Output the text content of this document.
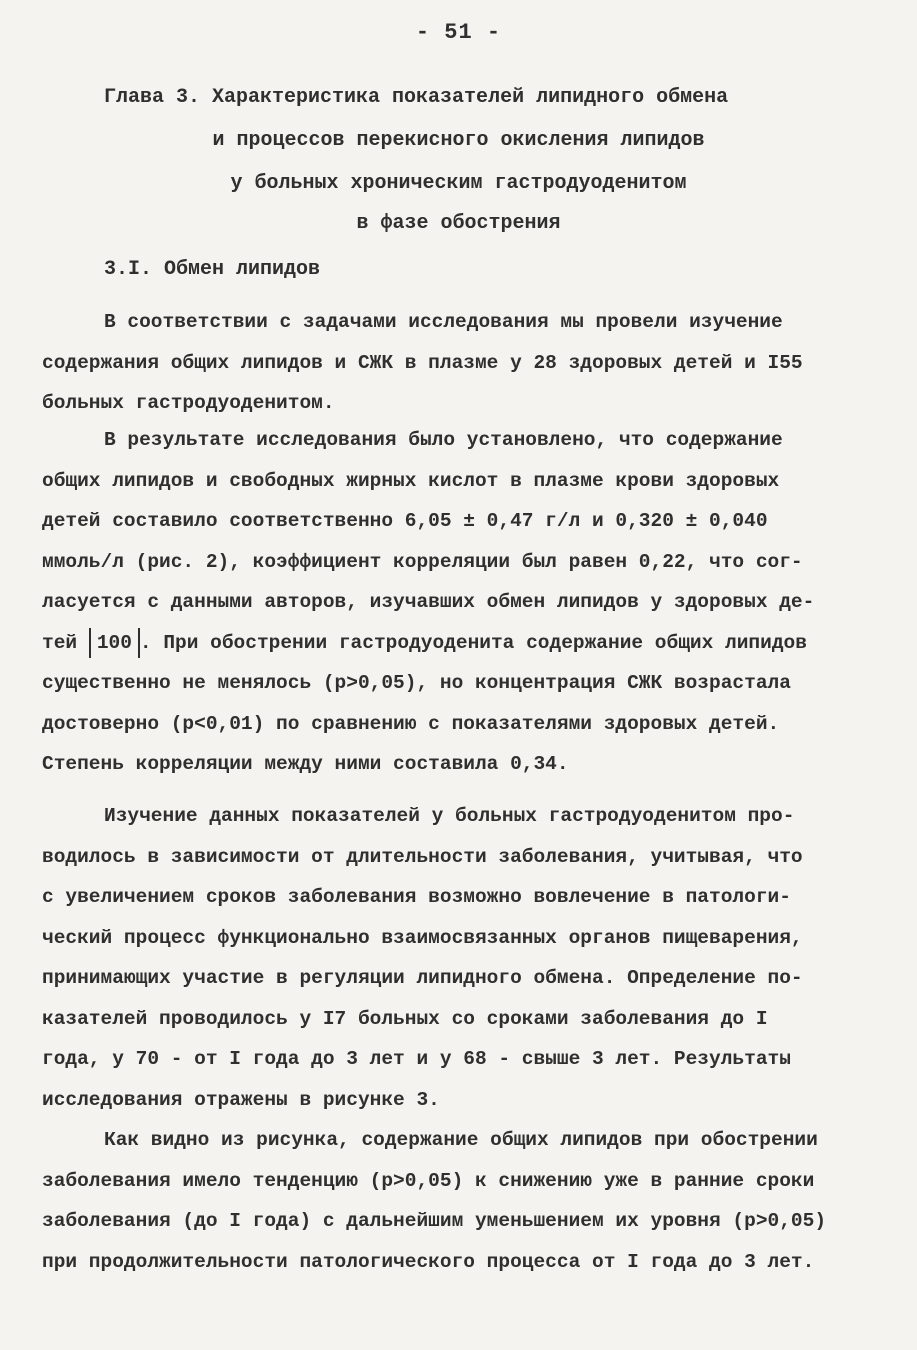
- 51 -
Глава 3. Характеристика показателей липидного обмена
и процессов перекисного окисления липидов
у больных хроническим гастродуоденитом
в фазе обострения
3.I. Обмен липидов
В соответствии с задачами исследования мы провели изучение
содержания общих липидов и СЖК в плазме у 28 здоровых детей и I55
больных гастродуоденитом.
В результате исследования было установлено, что содержание
общих липидов и свободных жирных кислот в плазме крови здоровых
детей составило соответственно 6,05 ± 0,47 г/л и 0,320 ± 0,040
ммоль/л (рис. 2), коэффициент корреляции был равен 0,22, что сог-
ласуется с данными авторов, изучавших обмен липидов у здоровых де-
тей 100 . При обострении гастродуоденита содержание общих липидов
существенно не менялось (р>0,05), но концентрация СЖК возрастала
достоверно (р<0,01) по сравнению с показателями здоровых детей.
Степень корреляции между ними составила 0,34.
Изучение данных показателей у больных гастродуоденитом про-
водилось в зависимости от длительности заболевания, учитывая, что
с увеличением сроков заболевания возможно вовлечение в патологи-
ческий процесс функционально взаимосвязанных органов пищеварения,
принимающих участие в регуляции липидного обмена. Определение по-
казателей проводилось у I7 больных со сроками заболевания до I
года, у 70 - от I года до 3 лет и у 68 - свыше 3 лет. Результаты
исследования отражены в рисунке 3.
Как видно из рисунка, содержание общих липидов при обострении
заболевания имело тенденцию (р>0,05) к снижению уже в ранние сроки
заболевания (до I года) с дальнейшим уменьшением их уровня (р>0,05)
при продолжительности патологического процесса от I года до 3 лет.
